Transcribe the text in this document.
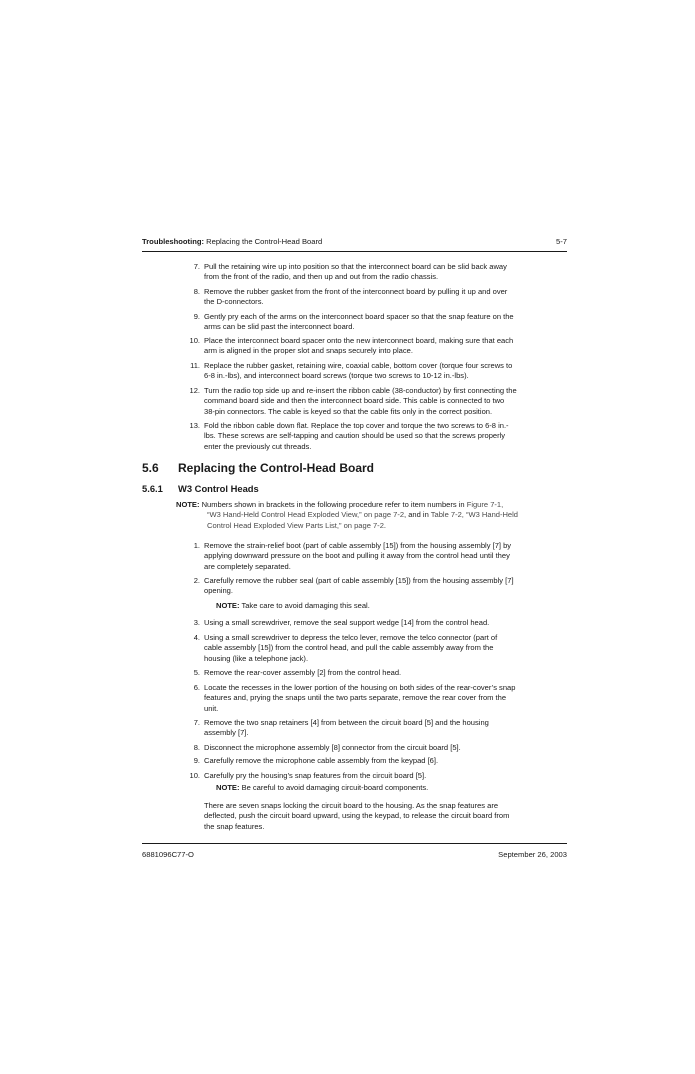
Troubleshooting: Replacing the Control-Head Board	5-7
7. Pull the retaining wire up into position so that the interconnect board can be slid back away
from the front of the radio, and then up and out from the radio chassis.
8. Remove the rubber gasket from the front of the interconnect board by pulling it up and over
the D-connectors.
9. Gently pry each of the arms on the interconnect board spacer so that the snap feature on the
arms can be slid past the interconnect board.
10. Place the interconnect board spacer onto the new interconnect board, making sure that each
arm is aligned in the proper slot and snaps securely into place.
11. Replace the rubber gasket, retaining wire, coaxial cable, bottom cover (torque four screws to
6-8 in.-lbs), and interconnect board screws (torque two screws to 10-12 in.-lbs).
12. Turn the radio top side up and re-insert the ribbon cable (38-conductor) by first connecting the
command board side and then the interconnect board side. This cable is connected to two
38-pin connectors. The cable is keyed so that the cable fits only in the correct position.
13. Fold the ribbon cable down flat. Replace the top cover and torque the two screws to 6-8 in.-
lbs. These screws are self-tapping and caution should be used so that the screws properly
enter the previously cut threads.
5.6 Replacing the Control-Head Board
5.6.1 W3 Control Heads
NOTE: Numbers shown in brackets in the following procedure refer to item numbers in Figure 7-1,
“W3 Hand-Held Control Head Exploded View,” on page 7-2, and in Table 7-2, “W3 Hand-Held
Control Head Exploded View Parts List,” on page 7-2.
1. Remove the strain-relief boot (part of cable assembly [15]) from the housing assembly [7] by
applying downward pressure on the boot and pulling it away from the control head until they
are completely separated.
2. Carefully remove the rubber seal (part of cable assembly [15]) from the housing assembly [7]
opening.
NOTE: Take care to avoid damaging this seal.
3. Using a small screwdriver, remove the seal support wedge [14] from the control head.
4. Using a small screwdriver to depress the telco lever, remove the telco connector (part of
cable assembly [15]) from the control head, and pull the cable assembly away from the
housing (like a telephone jack).
5. Remove the rear-cover assembly [2] from the control head.
6. Locate the recesses in the lower portion of the housing on both sides of the rear-cover’s snap
features and, prying the snaps until the two parts separate, remove the rear cover from the
unit.
7. Remove the two snap retainers [4] from between the circuit board [5] and the housing
assembly [7].
8. Disconnect the microphone assembly [8] connector from the circuit board [5].
9. Carefully remove the microphone cable assembly from the keypad [6].
10. Carefully pry the housing’s snap features from the circuit board [5].
NOTE: Be careful to avoid damaging circuit-board components.
There are seven snaps locking the circuit board to the housing. As the snap features are
deflected, push the circuit board upward, using the keypad, to release the circuit board from
the snap features.
6881096C77-O	September 26, 2003
